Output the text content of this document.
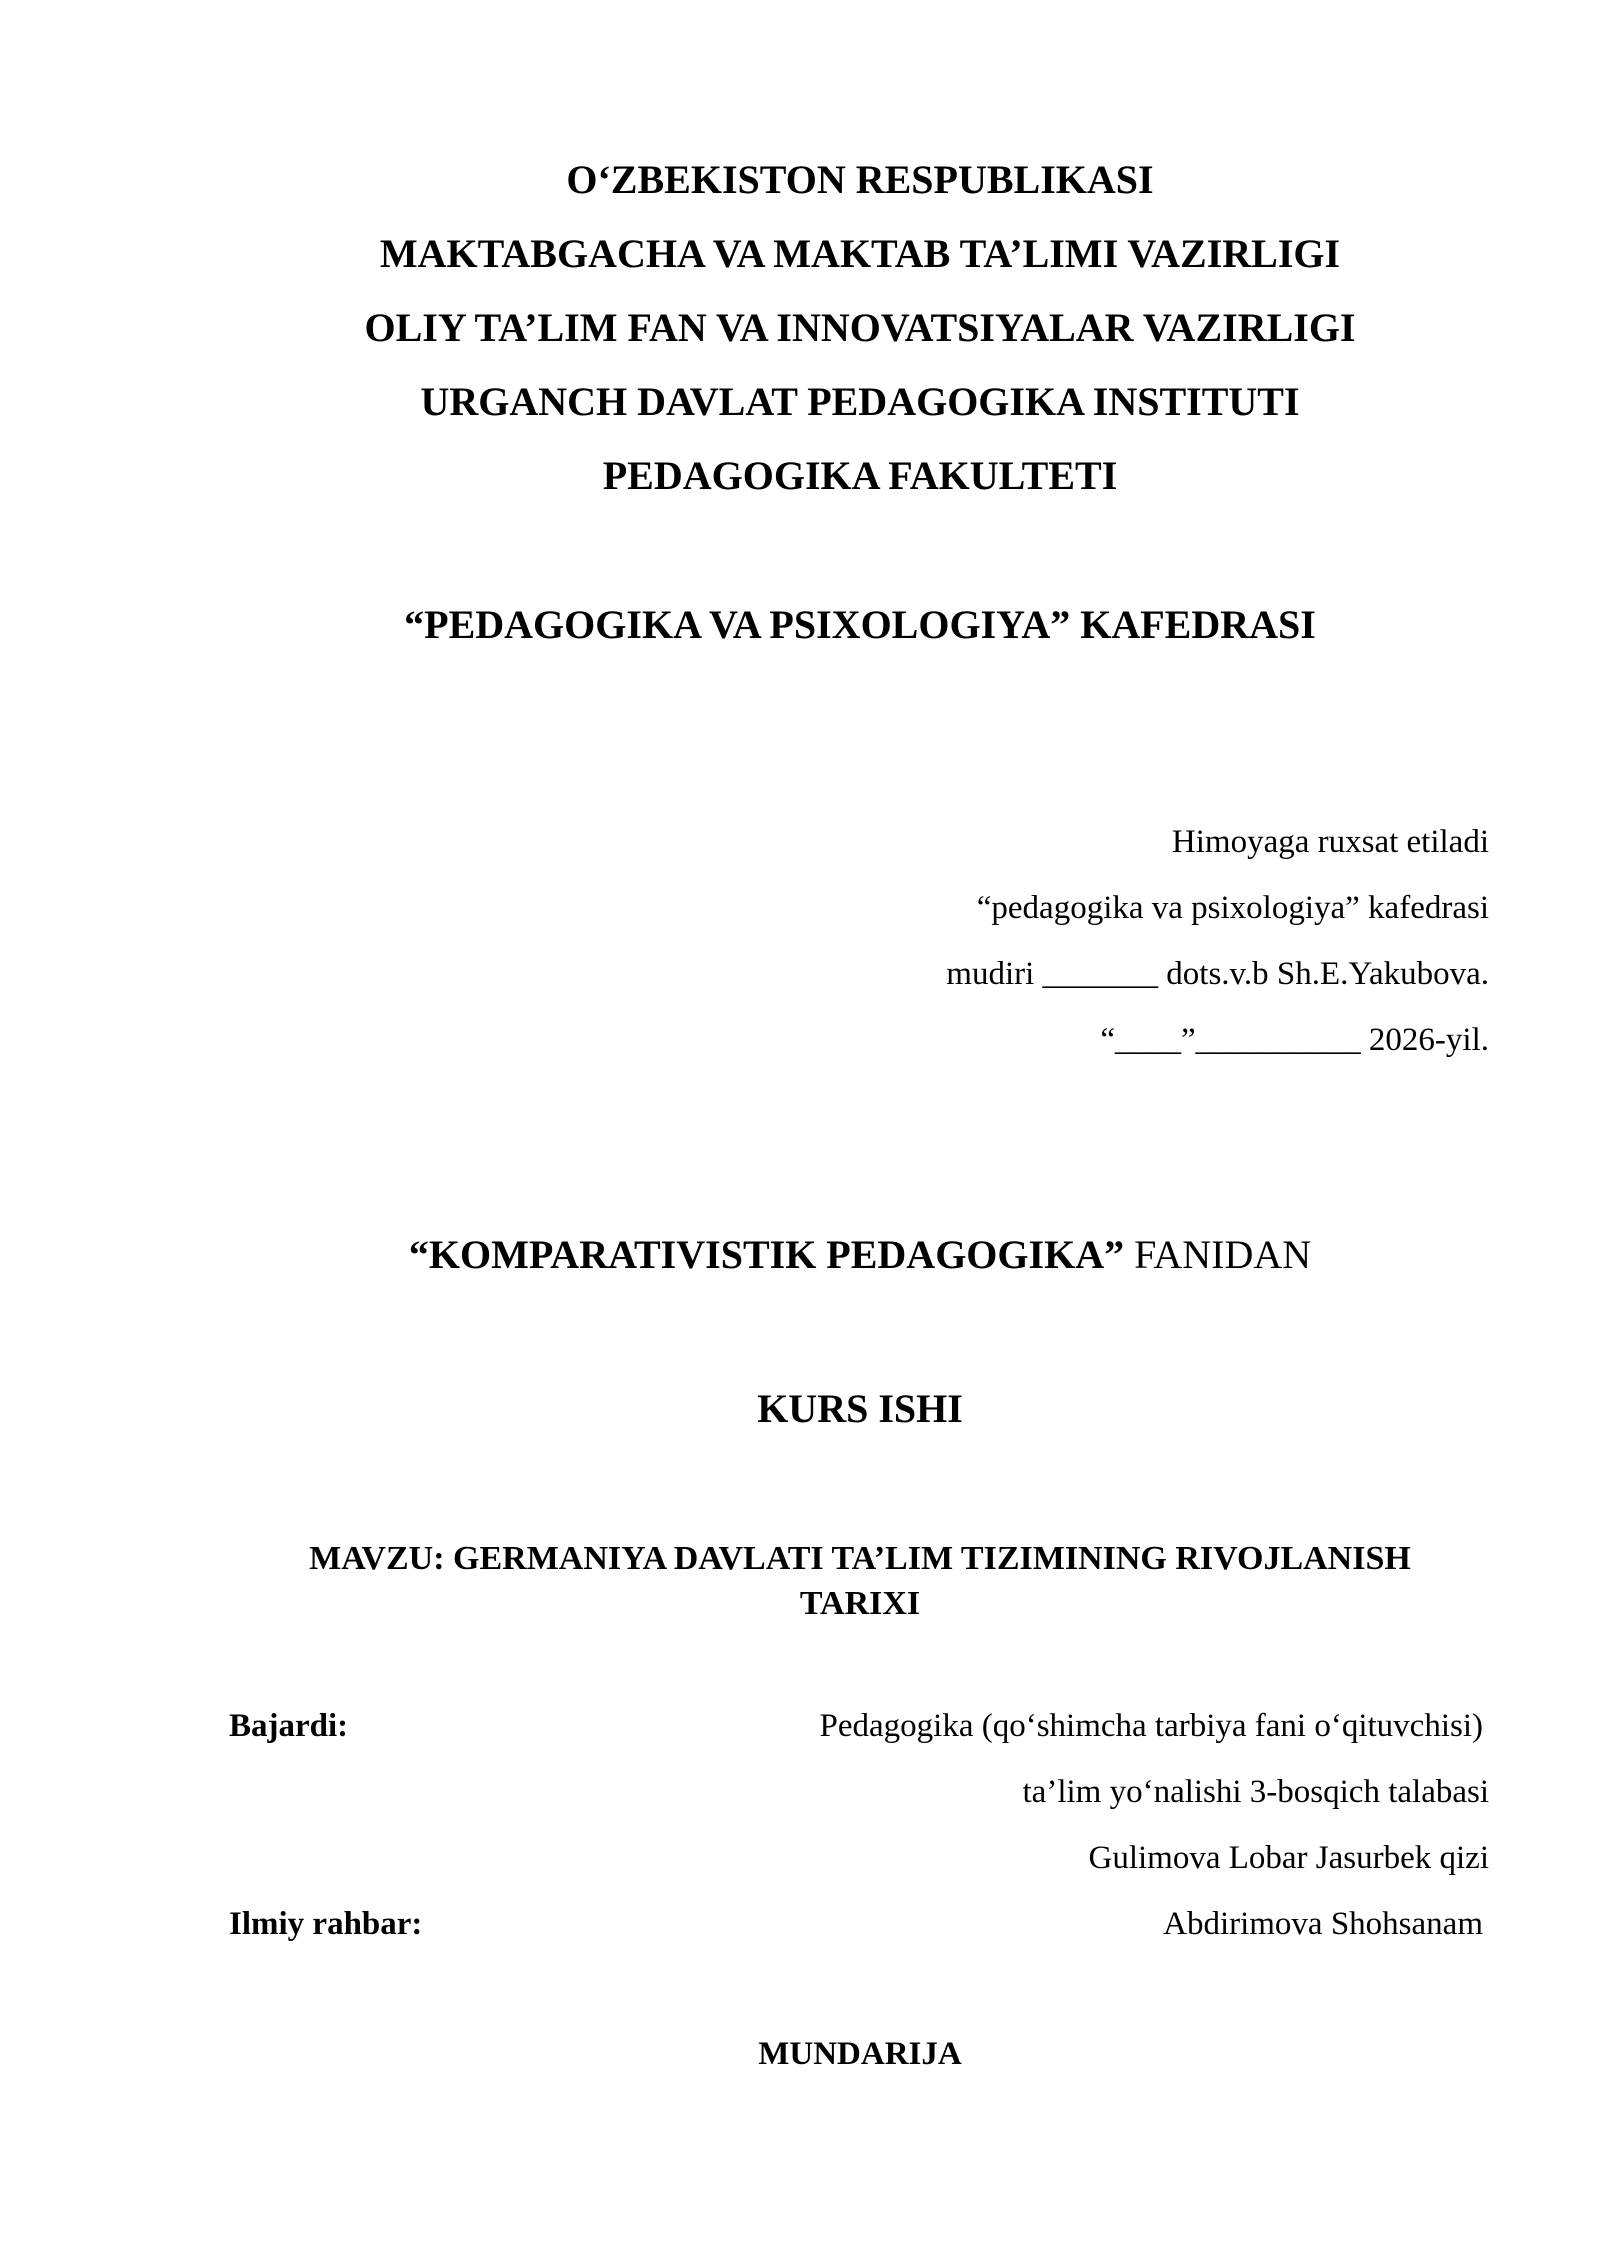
O‘ZBEKISTON RESPUBLIKASI
MAKTABGACHA VA MAKTAB TA’LIMI VAZIRLIGI
OLIY TA’LIM FAN VA INNOVATSIYALAR VAZIRLIGI
URGANCH DAVLAT PEDAGOGIKA INSTITUTI
PEDAGOGIKA FAKULTETI
“PEDAGOGIKA VA PSIXOLOGIYA” KAFEDRASI
Himoyaga ruxsat etiladi
“pedagogika va psixologiya” kafedrasi
mudiri _______ dots.v.b Sh.E.Yakubova.
“____”__________ 2026-yil.
“KOMPARATIVISTIK PEDAGOGIKA” FANIDAN
KURS ISHI
MAVZU: GERMANIYA DAVLATI TA’LIM TIZIMINING RIVOJLANISH
TARIXI
Bajardi:	Pedagogika (qo‘shimcha tarbiya fani o‘qituvchisi)
ta’lim yo‘nalishi 3-bosqich talabasi
Gulimova Lobar Jasurbek qizi
Ilmiy rahbar:	Abdirimova Shohsanam
MUNDARIJA
